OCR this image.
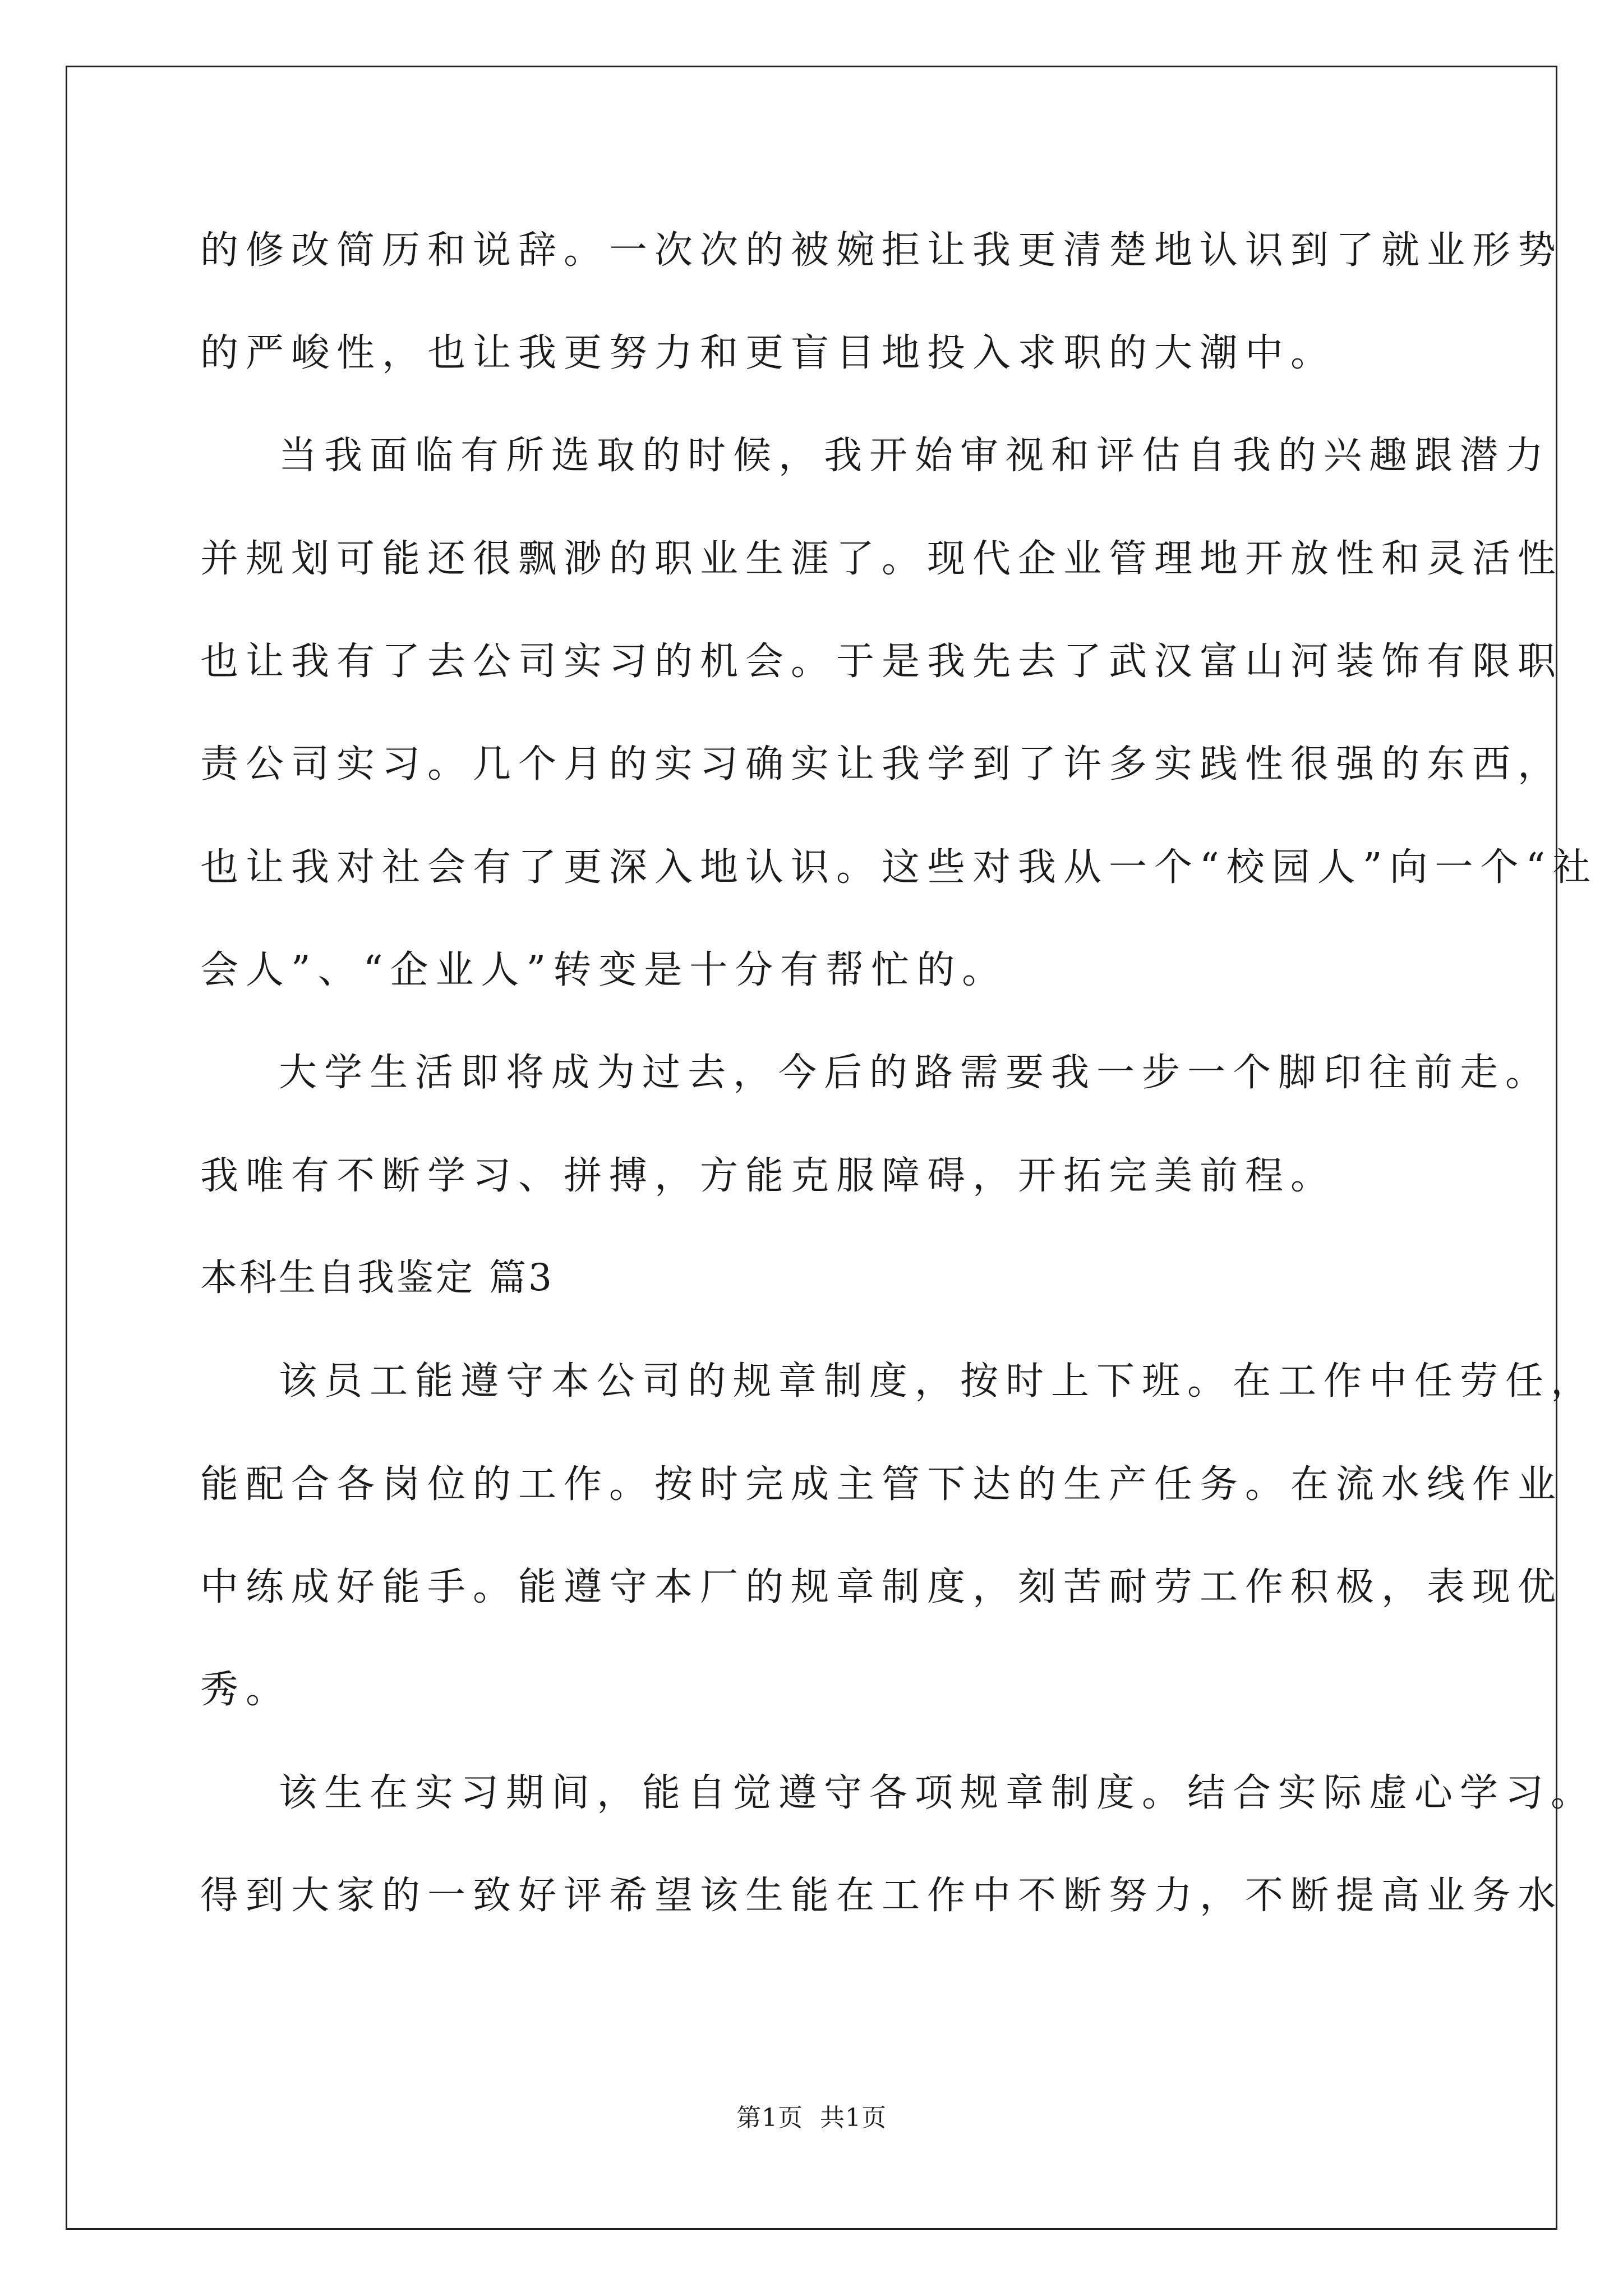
的修改简历和说辞。一次次的被婉拒让我更清楚地认识到了就业形势
的严峻性，也让我更努力和更盲目地投入求职的大潮中。
当我面临有所选取的时候，我开始审视和评估自我的兴趣跟潜力
并规划可能还很飘渺的职业生涯了。现代企业管理地开放性和灵活性
也让我有了去公司实习的机会。于是我先去了武汉富山河装饰有限职
责公司实习。几个月的实习确实让我学到了许多实践性很强的东西，
也让我对社会有了更深入地认识。这些对我从一个“校园人”向一个“社
会人”、“企业人”转变是十分有帮忙的。
大学生活即将成为过去，今后的路需要我一步一个脚印往前走。
我唯有不断学习、拼搏，方能克服障碍，开拓完美前程。
本科生自我鉴定 篇3
该员工能遵守本公司的规章制度，按时上下班。在工作中任劳任，
能配合各岗位的工作。按时完成主管下达的生产任务。在流水线作业
中练成好能手。能遵守本厂的规章制度，刻苦耐劳工作积极，表现优
秀。
该生在实习期间，能自觉遵守各项规章制度。结合实际虚心学习。
得到大家的一致好评希望该生能在工作中不断努力，不断提高业务水
第1页  共1页
